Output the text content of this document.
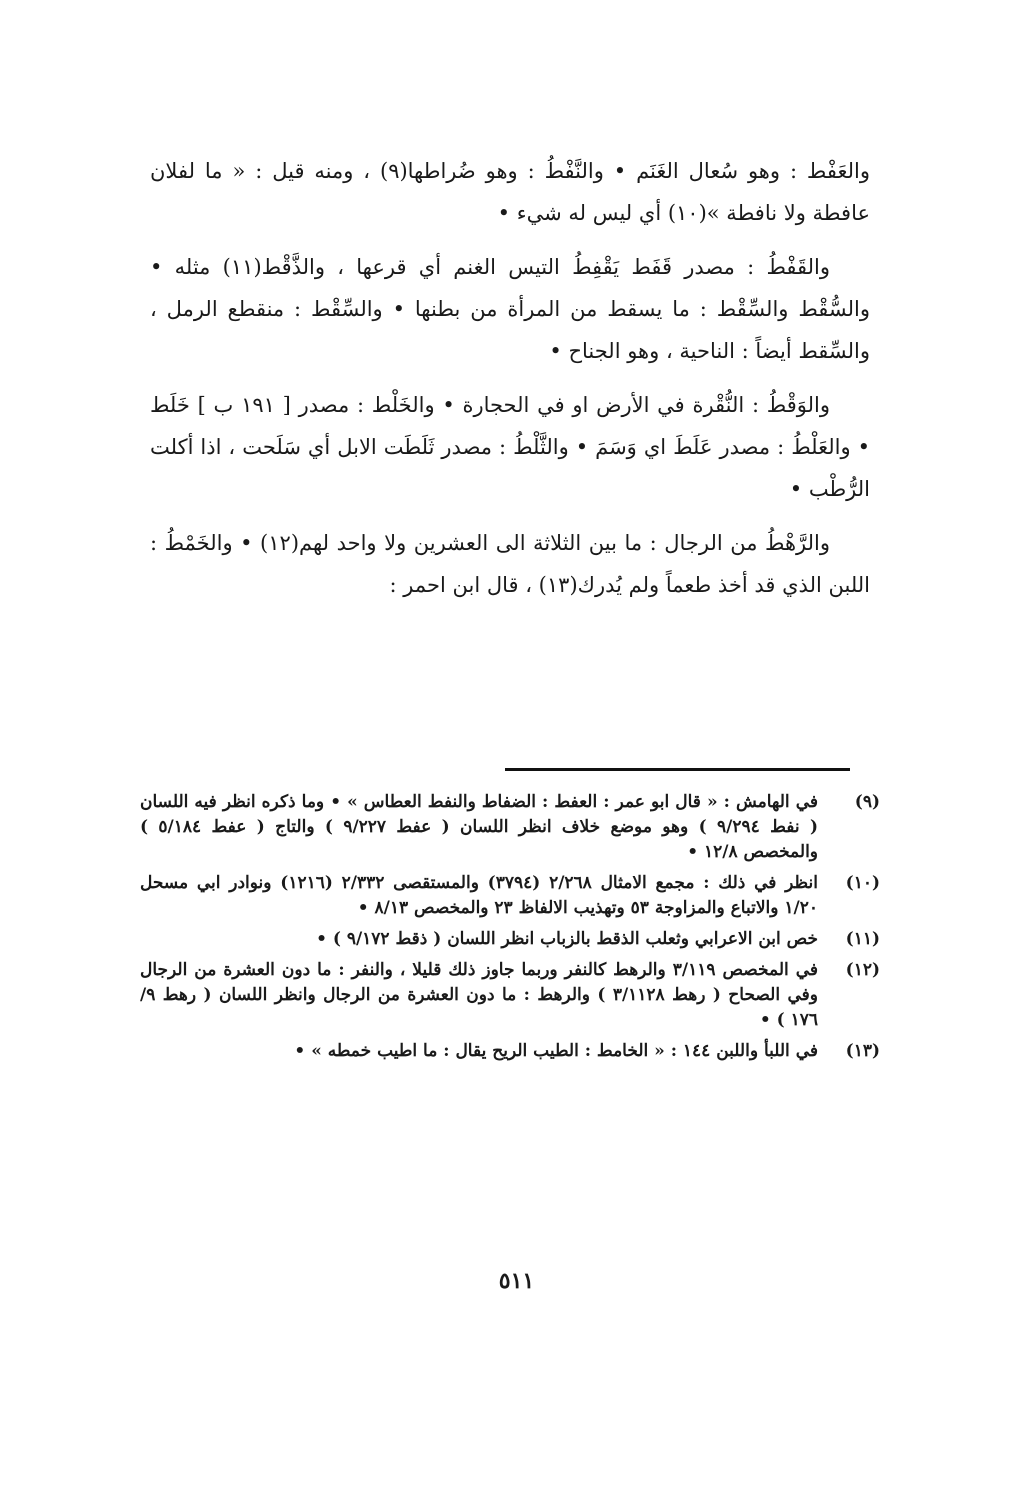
والعَفْط : وهو سُعال الغَنَم • والنَّفْطُ : وهو ضُراطها(٩) ، ومنه قيل : « ما لفلان عافطة ولا نافطة »(١٠) أي ليس له شيء •

والقَفْطُ : مصدر قَفَط يَقْفِطُ التيس الغنم أي قرعها ، والذَّقْط(١١) مثله • والسُّقْط والسِّقْط : ما يسقط من المرأة من بطنها • والسِّقْط : منقطع الرمل ، والسِّقط أيضاً : الناحية ، وهو الجناح •

والوَقْطُ : النُّقْرة في الأرض او في الحجارة • والخَلْط : مصدر [ ١٩١ ب ] خَلَط • والعَلْطُ : مصدر عَلَطَ اي وَسَمَ • والثَّلْطُ : مصدر ثَلَطَت الابل أي سَلَحت ، اذا أكلت الرُّطْب •

والرَّهْطُ من الرجال : ما بين الثلاثة الى العشرين ولا واحد لهم(١٢) • والخَمْطُ : اللبن الذي قد أخذ طعماً ولم يُدرك(١٣) ، قال ابن احمر :

(٩)
في الهامش : « قال ابو عمر : العفط : الضفاط والنفط العطاس » • وما ذكره انظر فيه اللسان ( نفط ٩/٢٩٤ ) وهو موضع خلاف انظر اللسان ( عفط ٩/٢٢٧ ) والتاج ( عفط ٥/١٨٤ ) والمخصص ١٢/٨ •
(١٠)
انظر في ذلك : مجمع الامثال ٢/٢٦٨ (٣٧٩٤) والمستقصى ٢/٣٣٢ (١٢١٦) ونوادر ابي مسحل ١/٢٠ والاتباع والمزاوجة ٥٣ وتهذيب الالفاظ ٢٣ والمخصص ٨/١٣ •
(١١)
خص ابن الاعرابي وثعلب الذقط بالزباب انظر اللسان ( ذقط ٩/١٧٢ ) •
(١٢)
في المخصص ٣/١١٩ والرهط كالنفر وربما جاوز ذلك قليلا ، والنفر : ما دون العشرة من الرجال وفي الصحاح ( رهط ٣/١١٢٨ ) والرهط : ما دون العشرة من الرجال وانظر اللسان ( رهط ٩/ ١٧٦ ) •
(١٣)
في اللبأ واللبن ١٤٤ : « الخامط : الطيب الريح يقال : ما اطيب خمطه » •
٥١١
